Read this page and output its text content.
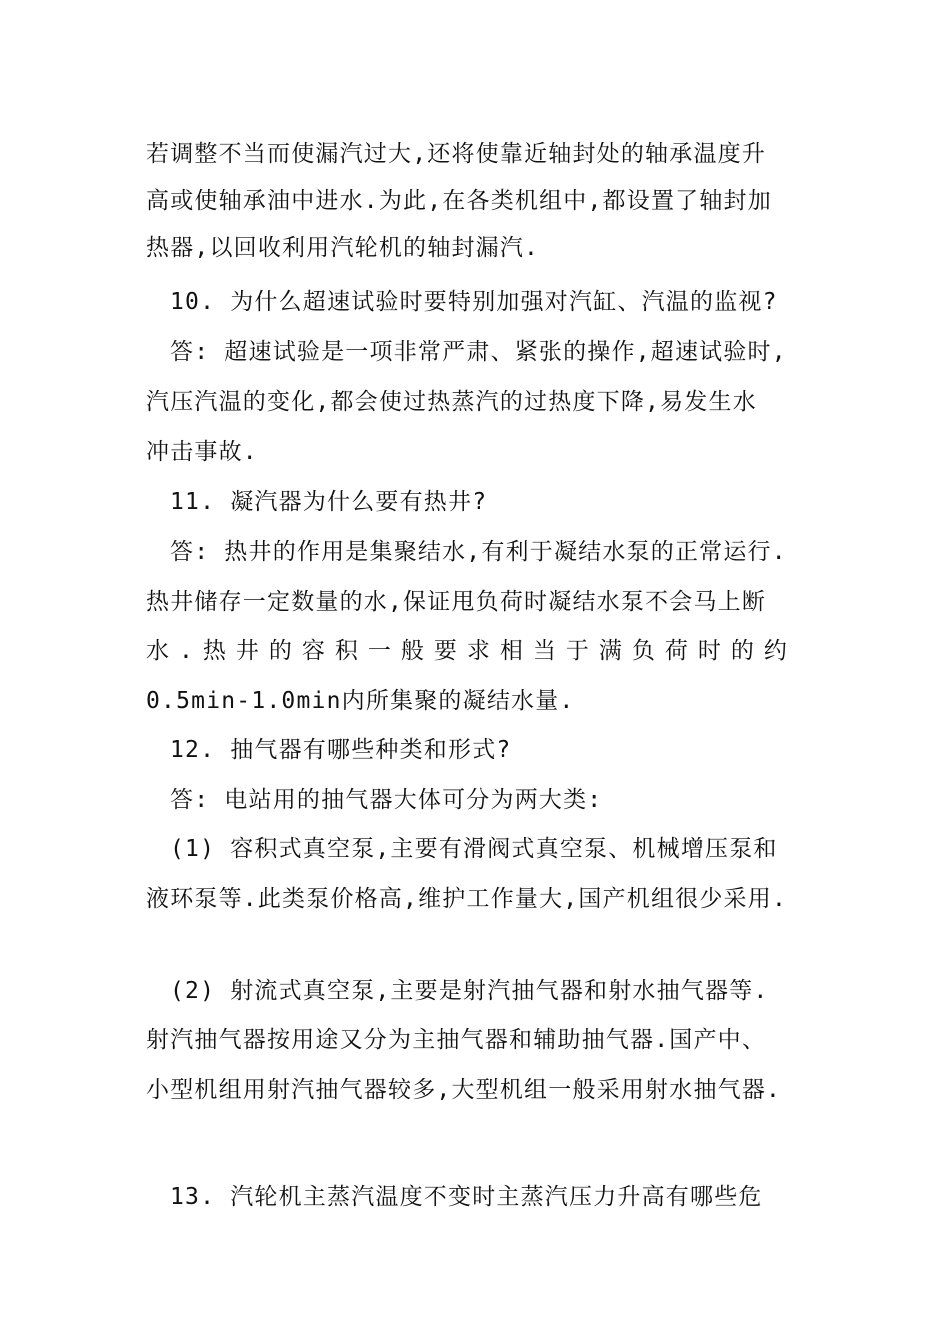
若调整不当而使漏汽过大,还将使靠近轴封处的轴承温度升
高或使轴承油中进水.为此,在各类机组中,都设置了轴封加
热器,以回收利用汽轮机的轴封漏汽.
10. 为什么超速试验时要特别加强对汽缸、汽温的监视?
答: 超速试验是一项非常严肃、紧张的操作,超速试验时,
汽压汽温的变化,都会使过热蒸汽的过热度下降,易发生水
冲击事故.
11. 凝汽器为什么要有热井?
答: 热井的作用是集聚结水,有利于凝结水泵的正常运行.
热井储存一定数量的水,保证甩负荷时凝结水泵不会马上断
水.热井的容积一般要求相当于满负荷时的约
0.5min-1.0min内所集聚的凝结水量.
12. 抽气器有哪些种类和形式?
答: 电站用的抽气器大体可分为两大类:
(1) 容积式真空泵,主要有滑阀式真空泵、机械增压泵和
液环泵等.此类泵价格高,维护工作量大,国产机组很少采用.
(2) 射流式真空泵,主要是射汽抽气器和射水抽气器等.
射汽抽气器按用途又分为主抽气器和辅助抽气器.国产中、
小型机组用射汽抽气器较多,大型机组一般采用射水抽气器.
13. 汽轮机主蒸汽温度不变时主蒸汽压力升高有哪些危
